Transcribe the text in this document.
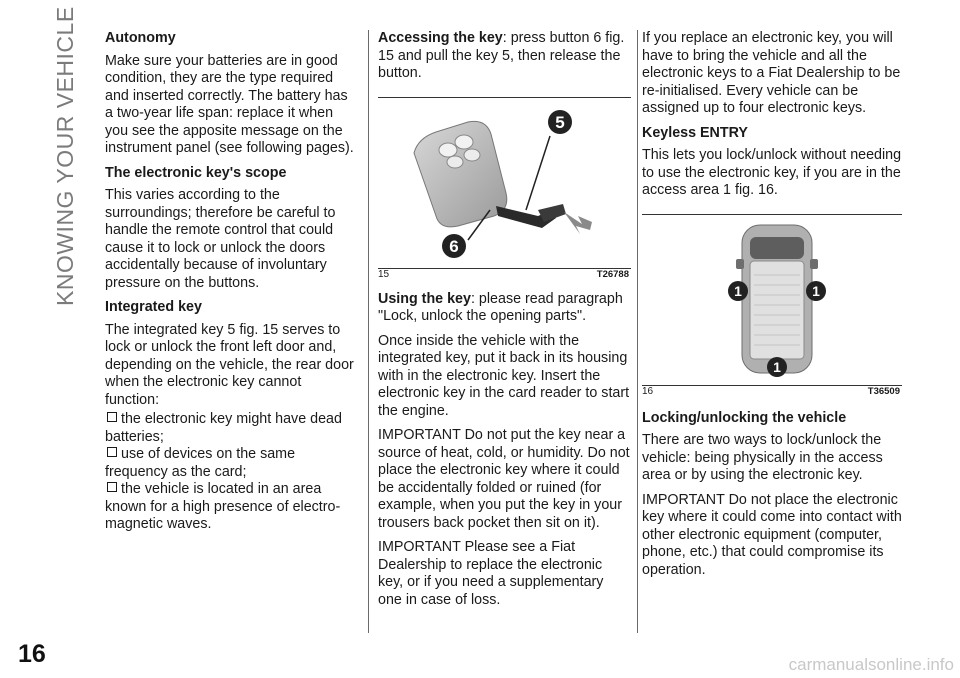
KNOWING YOUR VEHICLE Autonomy

Make sure your batteries are in good condition, they are the type required and inserted correctly. The battery has a two-year life span: replace it when you see the apposite message on the instrument panel (see following pages).

The electronic key's scope

This varies according to the surroundings; therefore be careful to handle the remote control that could cause it to lock or unlock the doors accidentally because of involuntary pressure on the buttons.

Integrated key

The integrated key 5 fig. 15 serves to lock or unlock the front left door and, depending on the vehicle, the rear door when the electronic key cannot function:

the electronic key might have dead batteries;
use of devices on the same frequency as the card;
the vehicle is located in an area known for a high presence of electro-magnetic waves.

Accessing the key: press button 6 fig. 15 and pull the key 5, then release the button.

5
6
15	T26788

Using the key: please read paragraph "Lock, unlock the opening parts".

Once inside the vehicle with the integrated key, put it back in its housing with in the electronic key. Insert the electronic key in the card reader to start the engine.

IMPORTANT Do not put the key near a source of heat, cold, or humidity. Do not place the electronic key where it could be accidentally folded or ruined (for example, when you put the key in your trousers back pocket then sit on it).

IMPORTANT Please see a Fiat Dealership to replace the electronic key, or if you need a supplementary one in case of loss.

If you replace an electronic key, you will have to bring the vehicle and all the electronic keys to a Fiat Dealership to be re-initialised. Every vehicle can be assigned up to four electronic keys.

Keyless ENTRY

This lets you lock/unlock without needing to use the electronic key, if you are in the access area 1 fig. 16.

1	1
1
16	T36509
Locking/unlocking the vehicle

There are two ways to lock/unlock the vehicle: being physically in the access area or by using the electronic key.

IMPORTANT Do not place the electronic key where it could come into contact with other electronic equipment (computer, phone, etc.) that could compromise its operation.

16	carmanualsonline.info
